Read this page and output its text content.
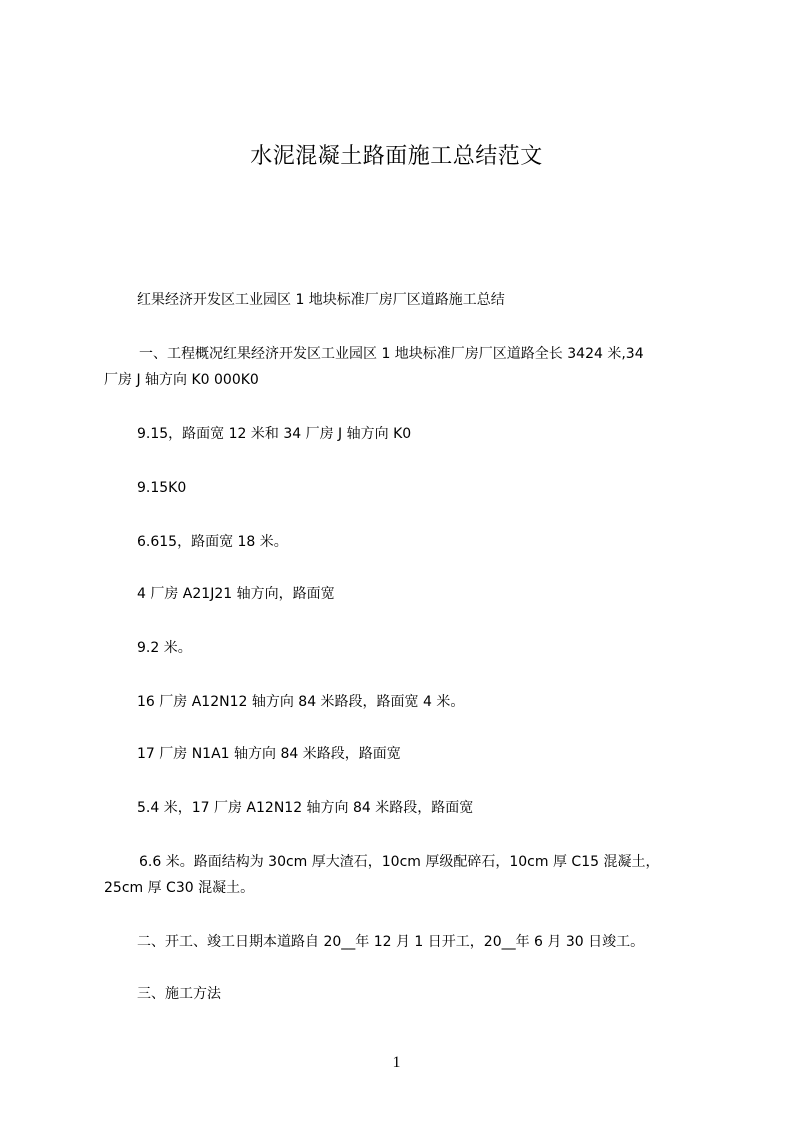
水泥混凝土路面施工总结范文
红果经济开发区工业园区 1 地块标准厂房厂区道路施工总结
一、工程概况红果经济开发区工业园区 1 地块标准厂房厂区道路全长 3424 米,34
厂房 J 轴方向 K0 000K0
9.15，路面宽 12 米和 34 厂房 J 轴方向 K0
9.15K0
6.615，路面宽 18 米。
4 厂房 A21J21 轴方向，路面宽
9.2 米。
16 厂房 A12N12 轴方向 84 米路段，路面宽 4 米。
17 厂房 N1A1 轴方向 84 米路段，路面宽
5.4 米，17 厂房 A12N12 轴方向 84 米路段，路面宽
6.6 米。路面结构为 30cm 厚大渣石，10cm 厚级配碎石，10cm 厚 C15 混凝土，
25cm 厚 C30 混凝土。
二、开工、竣工日期本道路自 20__年 12 月 1 日开工，20__年 6 月 30 日竣工。
三、施工方法
1
